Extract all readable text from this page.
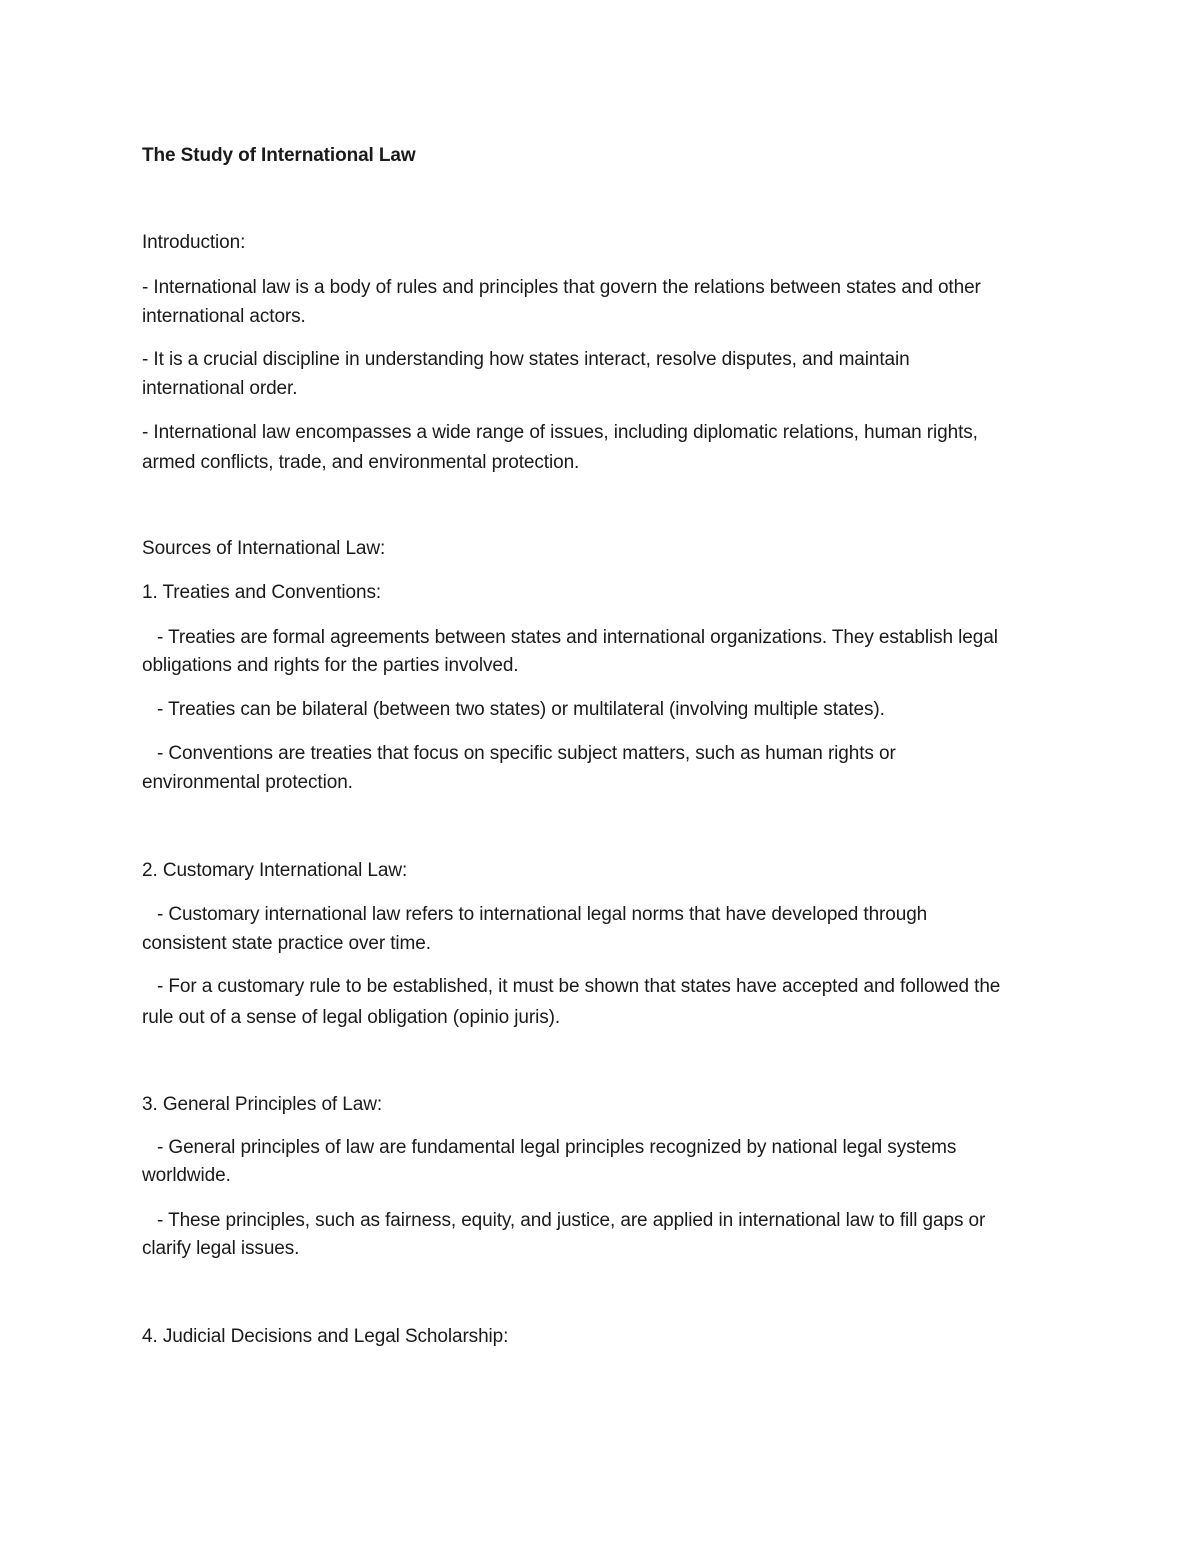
The Study of International Law
Introduction:
- International law is a body of rules and principles that govern the relations between states and other
international actors.
- It is a crucial discipline in understanding how states interact, resolve disputes, and maintain
international order.
- International law encompasses a wide range of issues, including diplomatic relations, human rights,
armed conflicts, trade, and environmental protection.
Sources of International Law:
1. Treaties and Conventions:
- Treaties are formal agreements between states and international organizations. They establish legal
obligations and rights for the parties involved.
- Treaties can be bilateral (between two states) or multilateral (involving multiple states).
- Conventions are treaties that focus on specific subject matters, such as human rights or
environmental protection.
2. Customary International Law:
- Customary international law refers to international legal norms that have developed through
consistent state practice over time.
- For a customary rule to be established, it must be shown that states have accepted and followed the
rule out of a sense of legal obligation (opinio juris).
3. General Principles of Law:
- General principles of law are fundamental legal principles recognized by national legal systems
worldwide.
- These principles, such as fairness, equity, and justice, are applied in international law to fill gaps or
clarify legal issues.
4. Judicial Decisions and Legal Scholarship:
